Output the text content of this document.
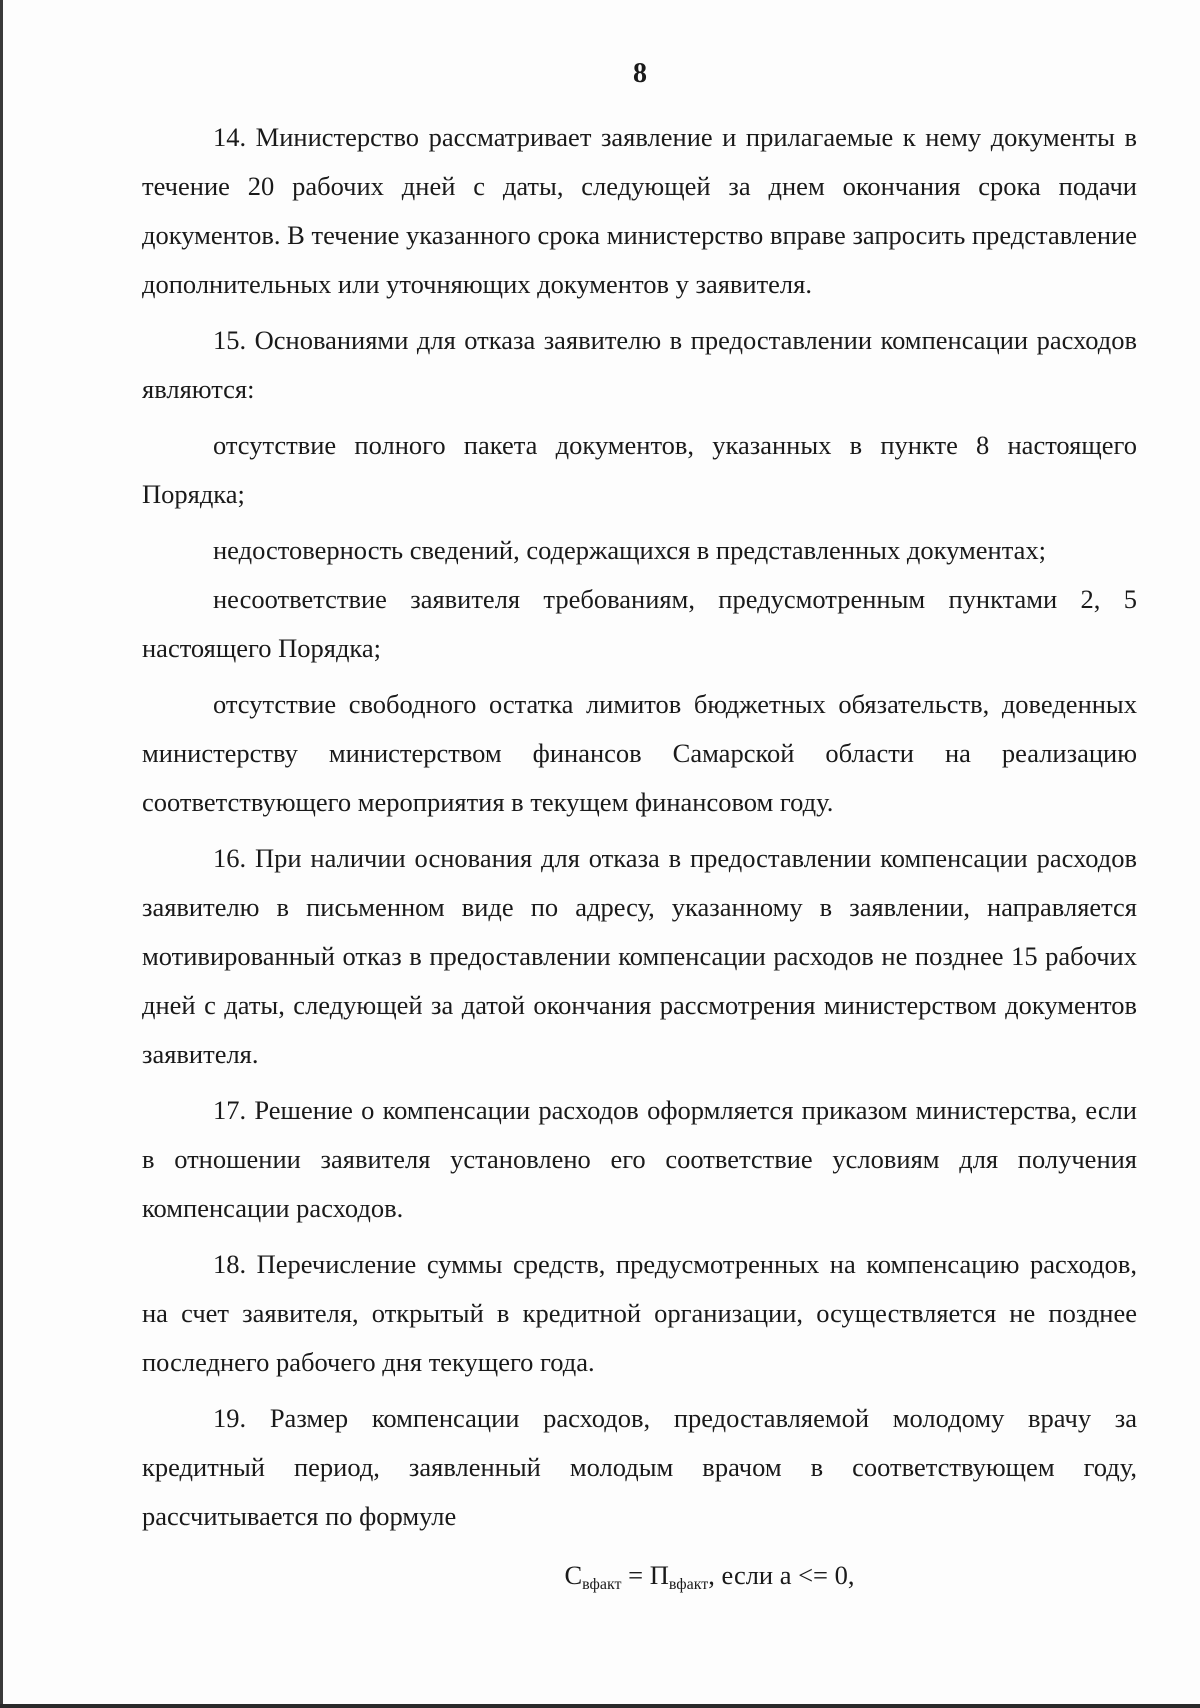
8

14. Министерство рассматривает заявление и прилагаемые к нему документы в течение 20 рабочих дней с даты, следующей за днем окончания срока подачи документов. В течение указанного срока министерство вправе запросить представление дополнительных или уточняющих документов у заявителя.

15. Основаниями для отказа заявителю в предоставлении компенсации расходов являются:

отсутствие полного пакета документов, указанных в пункте 8 настоящего Порядка;

недостоверность сведений, содержащихся в представленных документах;

несоответствие заявителя требованиям, предусмотренным пунктами 2, 5 настоящего Порядка;

отсутствие свободного остатка лимитов бюджетных обязательств, доведенных министерству министерством финансов Самарской области на реализацию соответствующего мероприятия в текущем финансовом году.

16. При наличии основания для отказа в предоставлении компенсации расходов заявителю в письменном виде по адресу, указанному в заявлении, направляется мотивированный отказ в предоставлении компенсации расходов не позднее 15 рабочих дней с даты, следующей за датой окончания рассмотрения министерством документов заявителя.

17. Решение о компенсации расходов оформляется приказом министерства, если в отношении заявителя установлено его соответствие условиям для получения компенсации расходов.

18. Перечисление суммы средств, предусмотренных на компенсацию расходов, на счет заявителя, открытый в кредитной организации, осуществляется не позднее последнего рабочего дня текущего года.

19. Размер компенсации расходов, предоставляемой молодому врачу за кредитный период, заявленный молодым врачом в соответствующем году, рассчитывается по формуле

$С_{вфакт} = П_{вфакт}$, если а <= 0,
